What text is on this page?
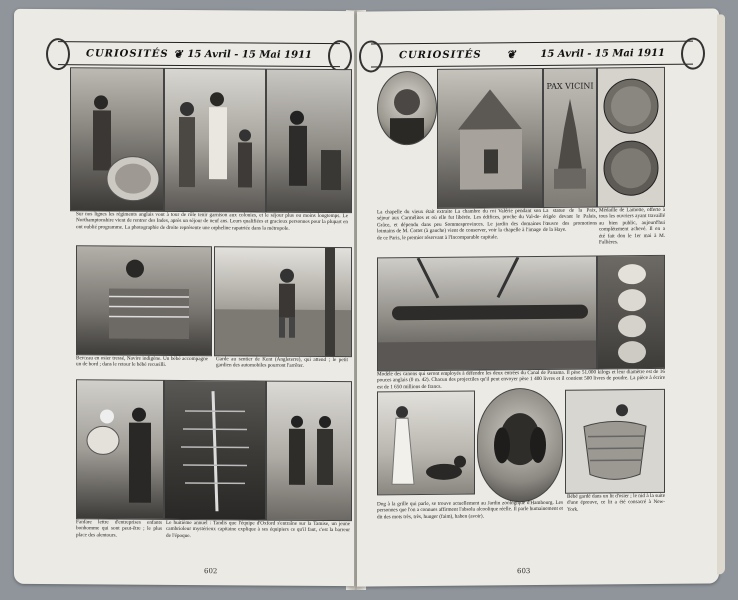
CURIOSITÉS ❦ 15 Avril - 15 Mai 1911
Sur nos lignes les régiments anglais vont à tour de rôle tenir garnison aux colonies, et le séjour plus ou moins longtemps. Le Northamptonshire vient de rentrer des Indes, après un séjour de neuf ans. Leurs qualifiées et gracieux personnes pour la plupart en ont oublié programme. La photographie de droite représente une orpheline rapatriée dans la métropole.
Berceau en osier tressé, Navire indigène. Un bébé accompagne un de bord ; dans le retour le bébé recueilli.
Garde au sentier de Kent (Angleterre), qui attend ; le petit gardien des automobiles pourront l'arrêter.
Fanfare lettre d'entreprises enfants bonhomme qui sont peut-être ; le plus place des alentours.
Le huitième annuel : Tandis que l'équipe d'Oxford s'entraîne sur la Tamise, un jeune cambrioleur mystérieux capitaine explique à ses équipiers ce qu'il faut, c'est la barreur de l'époque.
602
CURIOSITÉS ❦ 15 Avril - 15 Mai 1911
PAX VICINI
La chapelle du vieux était extraite La chambre du roi Valérie pendant son séjour aux Carmélites et où elle fut libérée. Les édifices, proche du Val-de-Grâce, et dépendu dans peu Sommesprovinces. Le jardin des domaines lointains de M. Cottet (à gauche) vient de conserver, voir la chapelle à l'image de ce Paris, le premier réservant à l'Incomparable capitale.
La statue de la Paix, érigée devant le Palais, l'œuvre des promotions de la Haye.
Médaille de Lamotte, offerte à tous les ouvriers ayant travaillé au bien public, aujourd'hui complètement achevé. Il en a été fait don le 1er mai à M. Fallières.
Modèle des canons qui seront employés à défendre les deux entrées du Canal de Panama. Il pèse 51.000 kilogs et leur diamètre est de 16 pouces anglais (0 m. 42). Chacun des projectiles qu'il peut envoyer pèse 1 400 livres et il contient 500 livres de poudre. La pièce à écrire est de 1 650 millions de francs.
Dog à la grille qui parle, se trouve actuellement au Jardin zoologique d'Hambourg. Les personnes que l'on a connues affirment l'absolu alcoolique réelle. Il parle humainement et dit des mots très, très, hunger (faim), haben (avoir).
Bébé gardé dans un lit d'osier ; le nid à la suite d'une épreuve, ce lit a été consacré à New-York.
603
